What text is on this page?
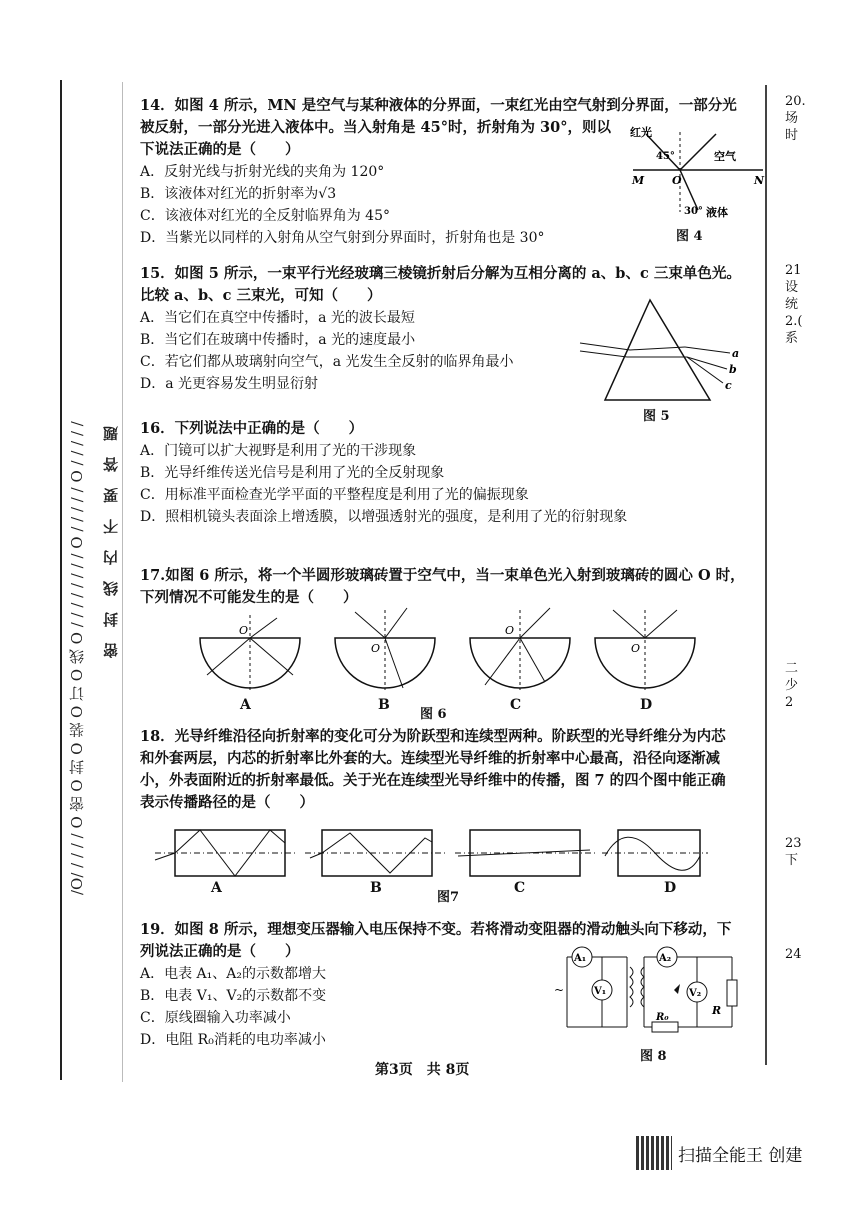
/O/ / / / / O 密 O 封 O 装 O 订 O 线 O / / / / / / / / O / / / / / O / / / / /	密封线内不要答题
20.
场
时
21
设
统
2.(
系
二
少
2
23
下
24

14．如图 4 所示，MN 是空气与某种液体的分界面，一束红光由空气射到分界面，一部分光

被反射，一部分光进入液体中。当入射角是 45°时，折射角为 30°，则以

下说法正确的是（　　）

A．反射光线与折射光线的夹角为 120°

B．该液体对红光的折射率为√3

C．该液体对红光的全反射临界角为 45°

D．当紫光以同样的入射角从空气射到分界面时，折射角也是 30°

红光
45°	空气
M	O	N
30° 液体
图 4

15．如图 5 所示，一束平行光经玻璃三棱镜折射后分解为互相分离的 a、b、c 三束单色光。

比较 a、b、c 三束光，可知（　　）

A．当它们在真空中传播时，a 光的波长最短

B．当它们在玻璃中传播时，a 光的速度最小

C．若它们都从玻璃射向空气，a 光发生全反射的临界角最小

D．a 光更容易发生明显衍射

a
b
c
图 5

16．下列说法中正确的是（　　）

A．门镜可以扩大视野是利用了光的干涉现象

B．光导纤维传送光信号是利用了光的全反射现象

C．用标准平面检查光学平面的平整程度是利用了光的偏振现象

D．照相机镜头表面涂上增透膜，以增强透射光的强度，是利用了光的衍射现象

17.如图 6 所示，将一个半圆形玻璃砖置于空气中，当一束单色光入射到玻璃砖的圆心 O 时，

下列情况不可能发生的是（　　）

O
O
O
O
A	B	C	D
图 6

18．光导纤维沿径向折射率的变化可分为阶跃型和连续型两种。阶跃型的光导纤维分为内芯

和外套两层，内芯的折射率比外套的大。连续型光导纤维的折射率中心最高，沿径向逐渐减

小，外表面附近的折射率最低。关于光在连续型光导纤维中的传播，图 7 的四个图中能正确

表示传播路径的是（　　）

A	B	C	D
图7

19．如图 8 所示，理想变压器输入电压保持不变。若将滑动变阻器的滑动触头向下移动，下

列说法正确的是（　　）

A．电表 A₁、A₂的示数都增大

B．电表 V₁、V₂的示数都不变

C．原线圈输入功率减小

D．电阻 R₀消耗的电功率减小

A₁
V₁
~
A₂
V₂
R
R₀
图 8
第3页　共 8页
扫描全能王 创建
